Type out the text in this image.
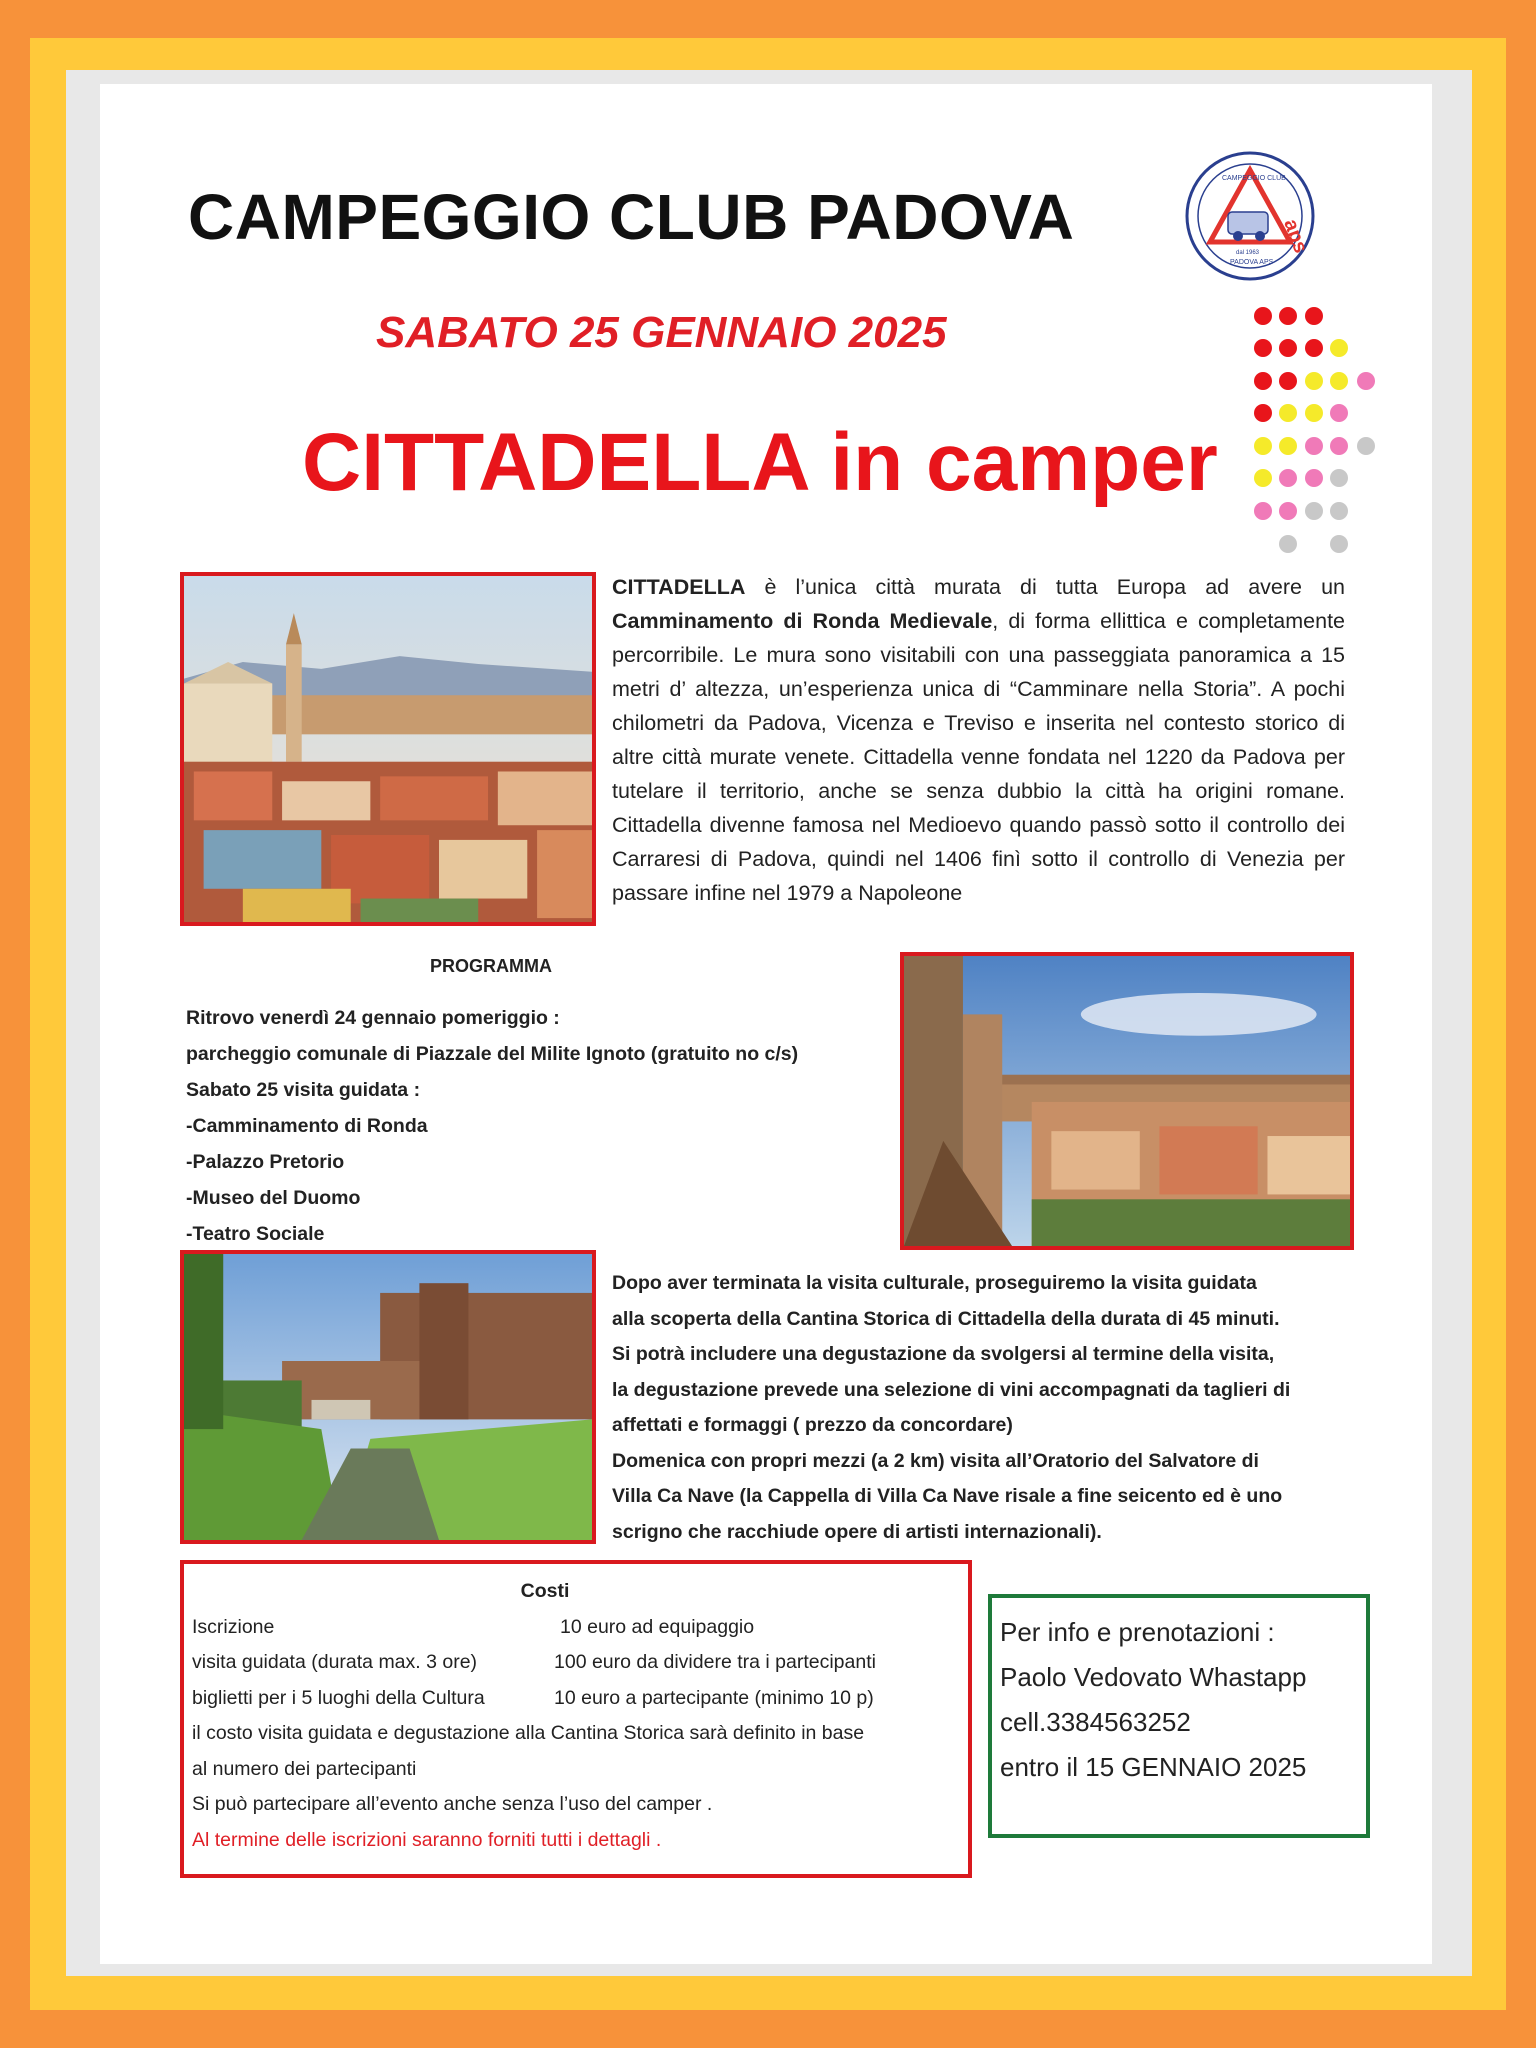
CAMPEGGIO CLUB PADOVA	aps
CAMPEGGIO CLUB
dal 1963
PADOVA APS
SABATO 25 GENNAIO 2025
CITTADELLA in camper
CITTADELLA è l’unica città murata di tutta Europa ad avere un Camminamento di Ronda Medievale, di forma ellittica e completamente percorribile. Le mura sono visitabili con una passeggiata panoramica a 15 metri d’ altezza, un’esperienza unica di “Camminare nella Storia”. A pochi chilometri da Padova, Vicenza e Treviso e inserita nel contesto storico di altre città murate venete. Cittadella venne fondata nel 1220 da Padova per tutelare il territorio, anche se senza dubbio la città ha origini romane. Cittadella divenne famosa nel Medioevo quando passò sotto il controllo dei Carraresi di Padova, quindi nel 1406 finì sotto il controllo di Venezia per passare infine nel 1979 a Napoleone
PROGRAMMA
Ritrovo venerdì 24 gennaio pomeriggio :
parcheggio comunale di Piazzale del Milite Ignoto (gratuito no c/s)
Sabato 25 visita guidata :
-Camminamento di Ronda
-Palazzo Pretorio
-Museo del Duomo
-Teatro Sociale
Dopo aver terminata la visita culturale, proseguiremo la visita guidata
alla scoperta della Cantina Storica di Cittadella della durata di 45 minuti.
Si potrà includere una degustazione da svolgersi al termine della visita,
la degustazione prevede una selezione di vini accompagnati da taglieri di
affettati e formaggi ( prezzo da concordare)
Domenica con propri mezzi (a 2 km) visita all’Oratorio del Salvatore di
Villa Ca Nave (la Cappella di Villa Ca Nave risale a fine seicento ed è uno
scrigno che racchiude opere di artisti internazionali).
Costi
Iscrizione	10 euro ad equipaggio
visita guidata (durata max. 3 ore)	100 euro da dividere tra i partecipanti
biglietti per i 5 luoghi della Cultura	10 euro a partecipante (minimo 10 p)
il costo visita guidata e degustazione alla Cantina Storica sarà definito in base
al numero dei partecipanti
Si può partecipare all’evento anche senza l’uso del camper .
Al termine delle iscrizioni saranno forniti tutti i dettagli .
Per info e prenotazioni :
Paolo Vedovato Whastapp
cell.3384563252
entro il 15 GENNAIO 2025
